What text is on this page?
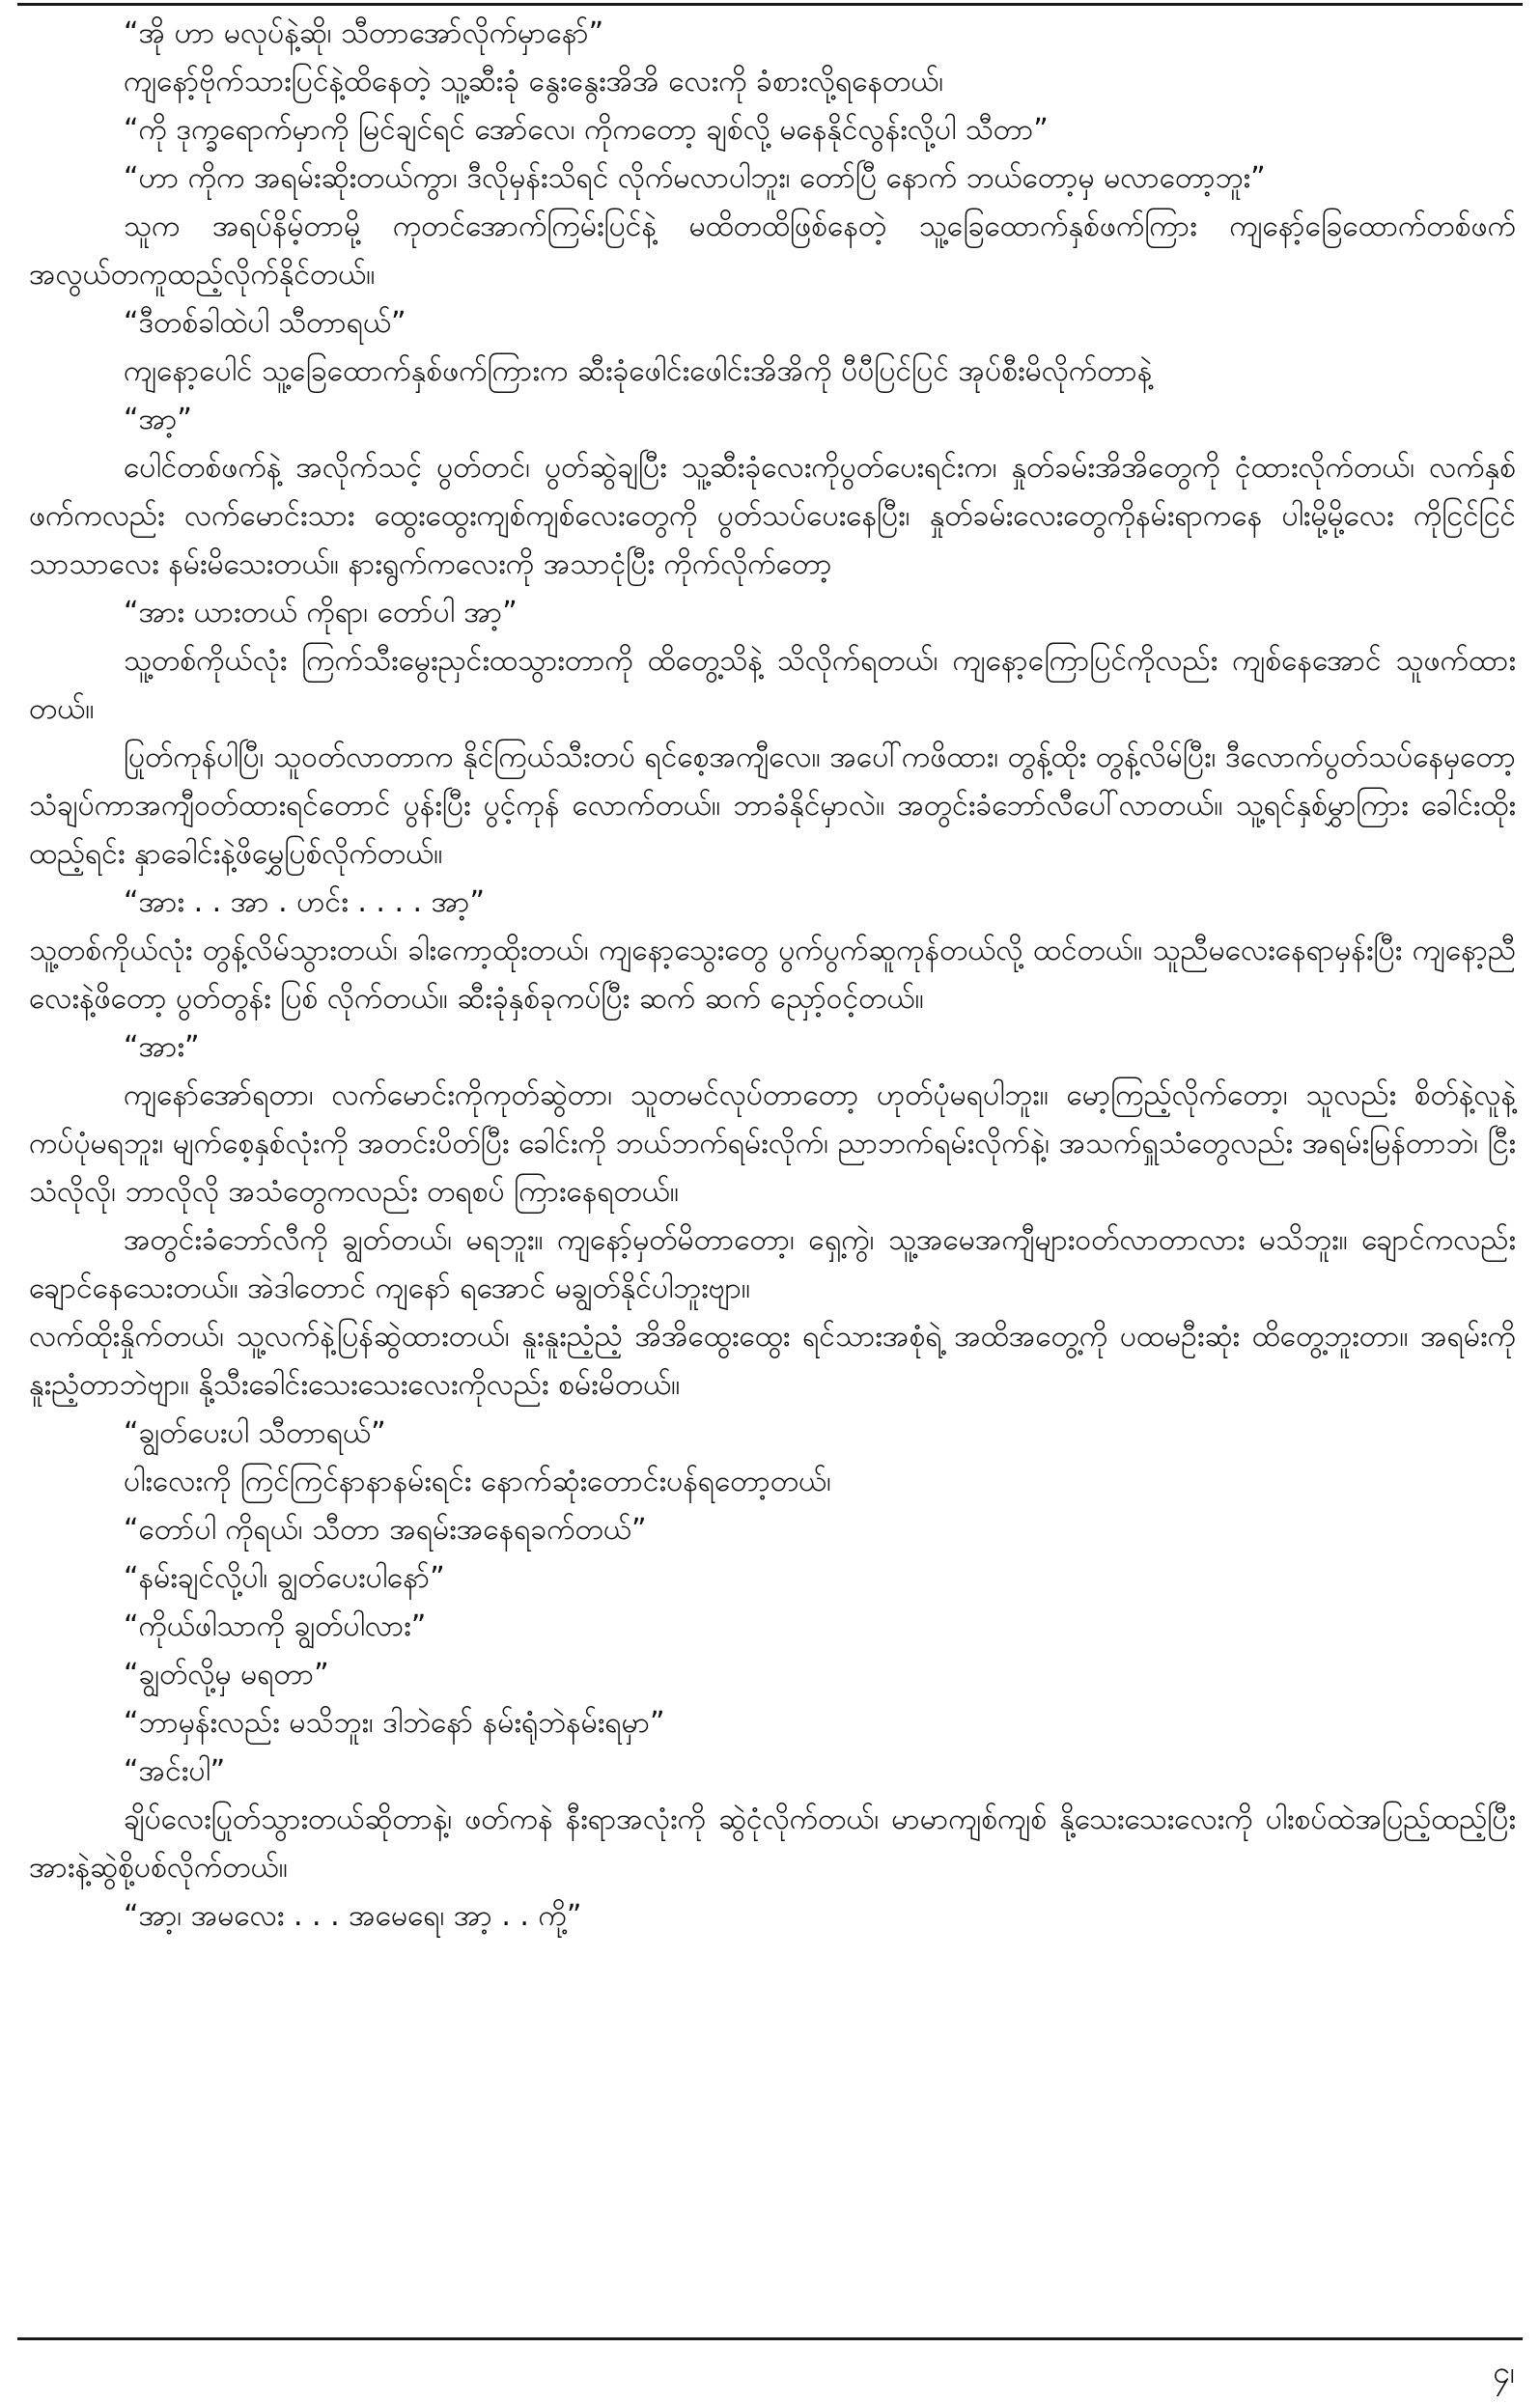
“အို ဟာ မလုပ်နဲ့ဆို၊ သီတာအော်လိုက်မှာနော်”

ကျနော့်ဗိုက်သားပြင်နဲ့ထိနေတဲ့ သူ့ဆီးခုံ နွေးနွေးအိအိ လေးကို ခံစားလို့ရနေတယ်၊

“ကို ဒုက္ခရောက်မှာကို မြင်ချင်ရင် အော်လေ၊ ကိုကတော့ ချစ်လို့ မနေနိုင်လွန်းလို့ပါ သီတာ”

“ဟာ ကိုက အရမ်းဆိုးတယ်ကွာ၊ ဒီလိုမှန်းသိရင် လိုက်မလာပါဘူး၊ တော်ပြီ နောက် ဘယ်တော့မှ မလာတော့ဘူး”

သူက အရပ်နိမ့်တာမို့ ကုတင်အောက်ကြမ်းပြင်နဲ့ မထိတထိဖြစ်နေတဲ့ သူ့ခြေထောက်နှစ်ဖက်ကြား ကျနော့်ခြေထောက်တစ်ဖက် အလွယ်တကူထည့်လိုက်နိုင်တယ်။

“ဒီတစ်ခါထဲပါ သီတာရယ်”

ကျနော့ပေါင် သူ့ခြေထောက်နှစ်ဖက်ကြားက ဆီးခုံဖေါင်းဖေါင်းအိအိကို ပီပီပြင်ပြင် အုပ်စီးမိလိုက်တာနဲ့

“အာ့”

ပေါင်တစ်ဖက်နဲ့ အလိုက်သင့် ပွတ်တင်၊ ပွတ်ဆွဲချပြီး သူ့ဆီးခုံလေးကိုပွတ်ပေးရင်းက၊ နှုတ်ခမ်းအိအိတွေကို ငုံထားလိုက်တယ်၊ လက်နှစ်ဖက်ကလည်း လက်မောင်းသား ထွေးထွေးကျစ်ကျစ်လေးတွေကို ပွတ်သပ်ပေးနေပြီး၊ နှုတ်ခမ်းလေးတွေကိုနမ်းရာကနေ ပါးမို့မို့လေး ကိုငြင်ငြင်သာသာလေး နမ်းမိသေးတယ်။ နားရွက်ကလေးကို အသာငုံပြီး ကိုက်လိုက်တော့

“အား ယားတယ် ကိုရာ၊ တော်ပါ အာ့”

သူ့တစ်ကိုယ်လုံး ကြက်သီးမွေးညှင်းထသွားတာကို ထိတွေ့သိနဲ့ သိလိုက်ရတယ်၊ ကျနော့ကြောပြင်ကိုလည်း ကျစ်နေအောင် သူဖက်ထားတယ်။

ပြုတ်ကုန်ပါပြီ၊ သူဝတ်လာတာက နိုင်ကြယ်သီးတပ် ရင်စေ့အကျီလေ။ အပေါ်ကဖိထား၊ တွန့်ထိုး တွန့်လိမ်ပြီး၊ ဒီလောက်ပွတ်သပ်နေမှတော့ သံချပ်ကာအကျီဝတ်ထားရင်တောင် ပွန်းပြီး ပွင့်ကုန် လောက်တယ်။ ဘာခံနိုင်မှာလဲ။ အတွင်းခံဘော်လီပေါ်လာတယ်။ သူ့ရင်နှစ်မွှာကြား ခေါင်းထိုးထည့်ရင်း နှာခေါင်းနဲ့ဖိမွှေပြစ်လိုက်တယ်။

“အား . . အာ . ဟင်း . . . . အာ့”

သူ့တစ်ကိုယ်လုံး တွန့်လိမ်သွားတယ်၊ ခါးကော့ထိုးတယ်၊ ကျနော့သွေးတွေ ပွက်ပွက်ဆူကုန်တယ်လို့ ထင်တယ်။ သူညီမလေးနေရာမှန်းပြီး ကျနော့ညီလေးနဲ့ဖိတော့ ပွတ်တွန်း ပြစ် လိုက်တယ်။ ဆီးခုံနှစ်ခုကပ်ပြီး ဆက် ဆက် ညှော့်ဝင့်တယ်။

“အား”

ကျနော်အော်ရတာ၊ လက်မောင်းကိုကုတ်ဆွဲတာ၊ သူတမင်လုပ်တာတော့ ဟုတ်ပုံမရပါဘူး။ မော့ကြည့်လိုက်တော့၊ သူလည်း စိတ်နဲ့လူနဲ့ ကပ်ပုံမရဘူး၊ မျက်စေ့နှစ်လုံးကို အတင်းပိတ်ပြီး ခေါင်းကို ဘယ်ဘက်ရမ်းလိုက်၊ ညာဘက်ရမ်းလိုက်နဲ့၊ အသက်ရှူသံတွေလည်း အရမ်းမြန်တာဘဲ၊ ငြီးသံလိုလို၊ ဘာလိုလို အသံတွေကလည်း တရစပ် ကြားနေရတယ်။

အတွင်းခံဘော်လီကို ချွတ်တယ်၊ မရဘူး။ ကျနော့်မှတ်မိတာတော့၊ ရှေ့ကွဲ၊ သူ့အမေအကျီများဝတ်လာတာလား မသိဘူး။ ချောင်ကလည်း ချောင်နေသေးတယ်။ အဲဒါတောင် ကျနော် ရအောင် မချွတ်နိုင်ပါဘူးဗျာ။

လက်ထိုးနှိုက်တယ်၊ သူ့လက်နဲ့ပြန်ဆွဲထားတယ်၊ နူးနူးညံ့ညံ့ အိအိထွေးထွေး ရင်သားအစုံရဲ့ အထိအတွေ့ကို ပထမဦးဆုံး ထိတွေ့ဘူးတာ။ အရမ်းကို နူးညံ့တာဘဲဗျာ။ နို့သီးခေါင်းသေးသေးလေးကိုလည်း စမ်းမိတယ်။

“ချွတ်ပေးပါ သီတာရယ်”

ပါးလေးကို ကြင်ကြင်နာနာနမ်းရင်း နောက်ဆုံးတောင်းပန်ရတော့တယ်၊

“တော်ပါ ကိုရယ်၊ သီတာ အရမ်းအနေရခက်တယ်”

“နမ်းချင်လို့ပါ၊ ချွတ်ပေးပါနော်”

“ကိုယ်ဖါသာကို ချွတ်ပါလား”

“ချွတ်လို့မှ မရတာ”

“ဘာမှန်းလည်း မသိဘူး၊ ဒါဘဲနော် နမ်းရုံဘဲနမ်းရမှာ”

“အင်းပါ”

ချိပ်လေးပြုတ်သွားတယ်ဆိုတာနဲ့၊ ဖတ်ကနဲ နီးရာအလုံးကို ဆွဲငုံလိုက်တယ်၊ မာမာကျစ်ကျစ် နို့သေးသေးလေးကို ပါးစပ်ထဲအပြည့်ထည့်ပြီး အားနဲ့ဆွဲစို့ပစ်လိုက်တယ်။

“အာ့၊ အမလေး . . . အမေရေ၊ အာ့ . . ကို့”

၄၊
